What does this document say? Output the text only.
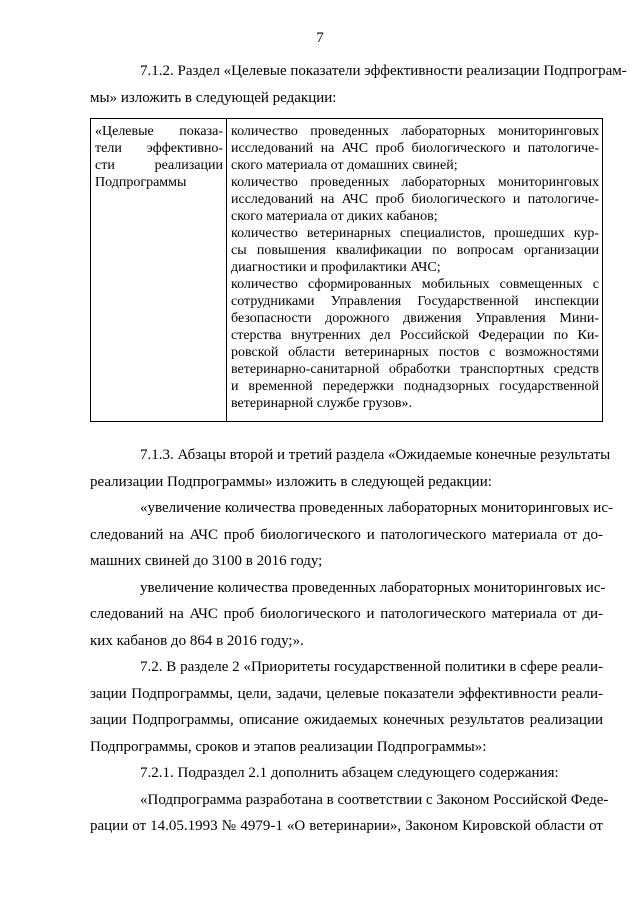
7
7.1.2. Раздел «Целевые показатели эффективности реализации Подпрограм-
мы» изложить в следующей редакции:
«Целевые показа-
тели эффективно-
сти реализации
Подпрограммы
количество проведенных лабораторных мониторинговых
исследований на АЧС проб биологического и патологиче-
ского материала от домашних свиней;
количество проведенных лабораторных мониторинговых
исследований на АЧС проб биологического и патологиче-
ского материала от диких кабанов;
количество ветеринарных специалистов, прошедших кур-
сы повышения квалификации по вопросам организации
диагностики и профилактики АЧС;
количество сформированных мобильных совмещенных с
сотрудниками Управления Государственной инспекции
безопасности дорожного движения Управления Мини-
стерства внутренних дел Российской Федерации по Ки-
ровской области ветеринарных постов с возможностями
ветеринарно-санитарной обработки транспортных средств
и временной передержки поднадзорных государственной
ветеринарной службе грузов».
7.1.3. Абзацы второй и третий раздела «Ожидаемые конечные результаты
реализации Подпрограммы» изложить в следующей редакции:
«увеличение количества проведенных лабораторных мониторинговых ис-
следований на АЧС проб биологического и патологического материала от до-
машних свиней до 3100 в 2016 году;
увеличение количества проведенных лабораторных мониторинговых ис-
следований на АЧС проб биологического и патологического материала от ди-
ких кабанов до 864 в 2016 году;».
7.2. В разделе 2 «Приоритеты государственной политики в сфере реали-
зации Подпрограммы, цели, задачи, целевые показатели эффективности реали-
зации Подпрограммы, описание ожидаемых конечных результатов реализации
Подпрограммы, сроков и этапов реализации Подпрограммы»:
7.2.1. Подраздел 2.1 дополнить абзацем следующего содержания:
«Подпрограмма разработана в соответствии с Законом Российской Феде-
рации от 14.05.1993 № 4979-1 «О ветеринарии», Законом Кировской области от
